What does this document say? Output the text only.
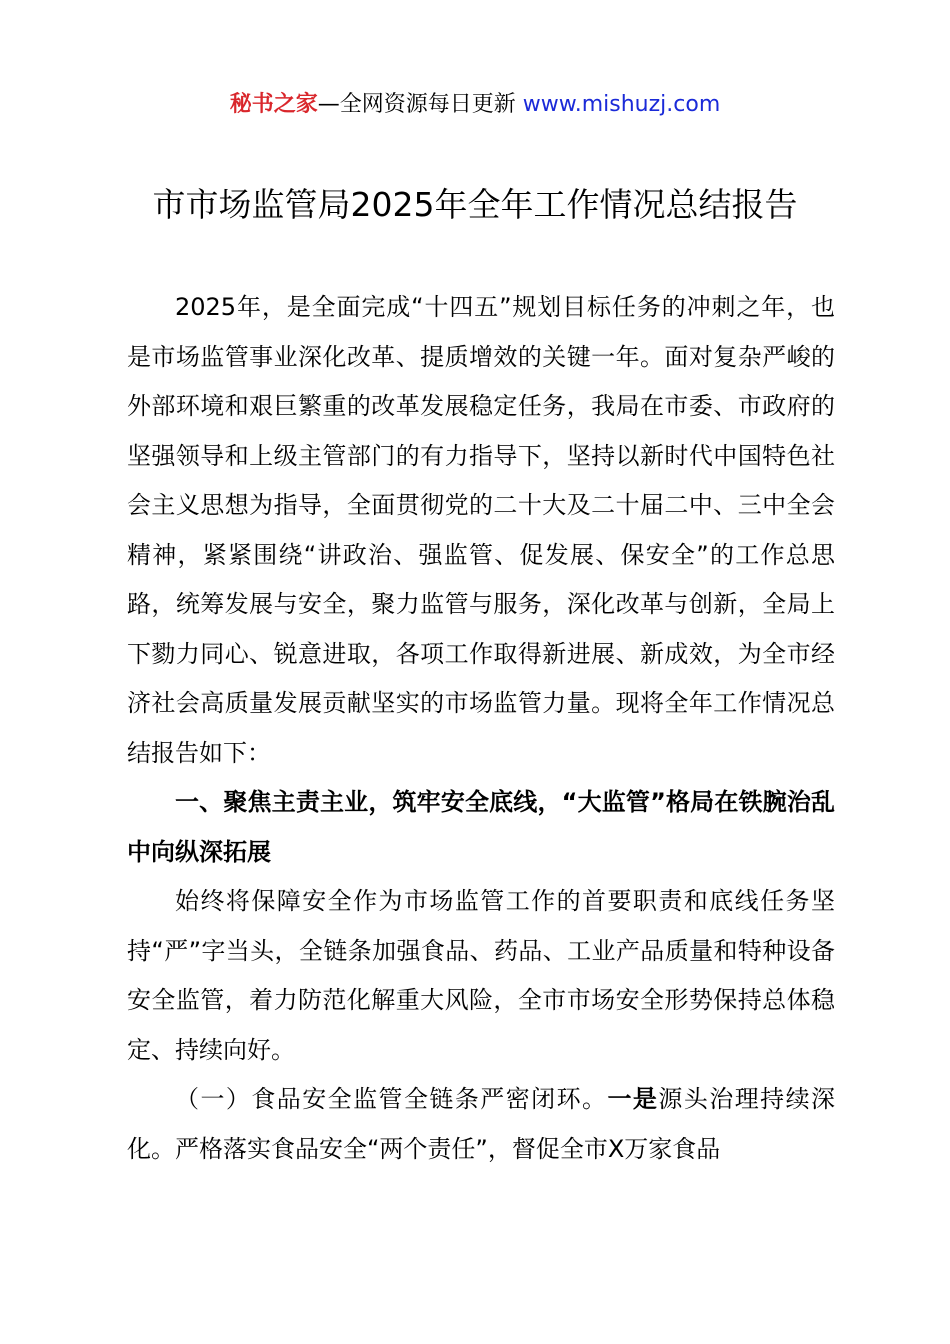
秘书之家—全网资源每日更新 www.mishuzj.com
市市场监管局2025年全年工作情况总结报告

2025年，是全面完成“十四五”规划目标任务的冲刺之年，也是市场监管事业深化改革、提质增效的关键一年。面对复杂严峻的外部环境和艰巨繁重的改革发展稳定任务，我局在市委、市政府的坚强领导和上级主管部门的有力指导下，坚持以新时代中国特色社会主义思想为指导，全面贯彻党的二十大及二十届二中、三中全会精神，紧紧围绕“讲政治、强监管、促发展、保安全”的工作总思路，统筹发展与安全，聚力监管与服务，深化改革与创新，全局上下勠力同心、锐意进取，各项工作取得新进展、新成效，为全市经济社会高质量发展贡献坚实的市场监管力量。现将全年工作情况总结报告如下：

一、聚焦主责主业，筑牢安全底线，“大监管”格局在铁腕治乱中向纵深拓展

始终将保障安全作为市场监管工作的首要职责和底线任务坚持“严”字当头，全链条加强食品、药品、工业产品质量和特种设备安全监管，着力防范化解重大风险，全市市场安全形势保持总体稳定、持续向好。

（一）食品安全监管全链条严密闭环。一是源头治理持续深化。严格落实食品安全“两个责任”，督促全市X万家食品
